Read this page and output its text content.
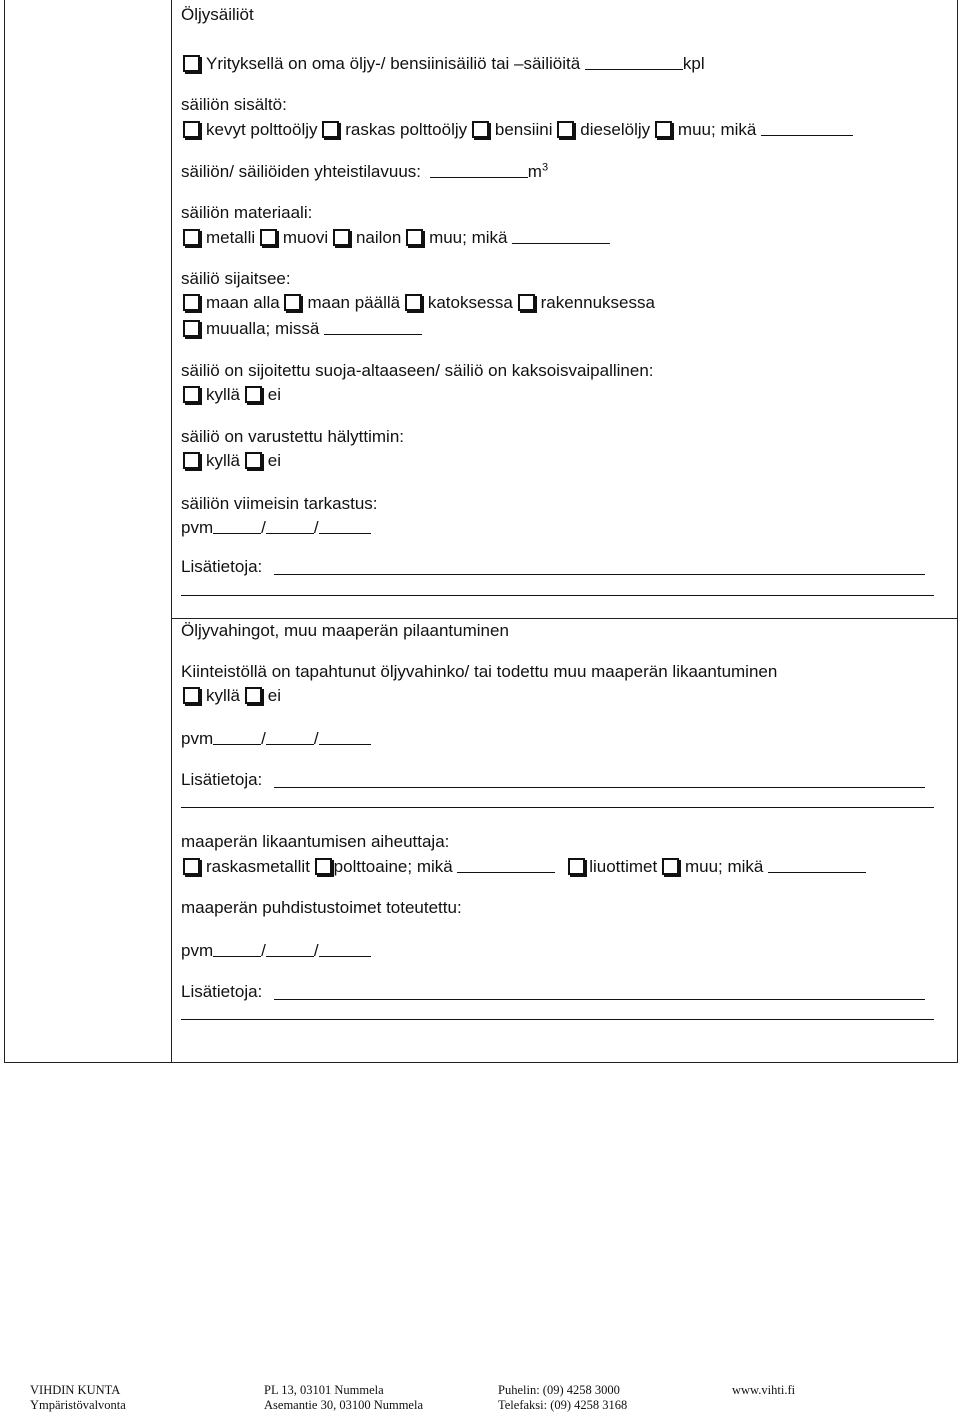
Öljysäiliöt
Yrityksellä on oma öljy-/ bensiinisäiliö tai –säiliöitä	kpl
säiliön sisältö:
kevyt polttoöljy raskas polttoöljy bensiini dieselöljy muu; mikä
säiliön/ säiliöiden yhteistilavuus:	$m^3$
säiliön materiaali:
metalli muovi nailon muu; mikä
säiliö sijaitsee:
maan alla maan päällä katoksessa rakennuksessa
muualla; missä
säiliö on sijoitettu suoja-altaaseen/ säiliö on kaksoisvaipallinen:
kyllä ei
säiliö on varustettu hälyttimin:
kyllä ei
säiliön viimeisin tarkastus:
pvm	/	/
Lisätietoja:
Öljyvahingot, muu maaperän pilaantuminen
Kiinteistöllä on tapahtunut öljyvahinko/ tai todettu muu maaperän likaantuminen
kyllä ei
pvm	/	/
Lisätietoja:
maaperän likaantumisen aiheuttaja:
raskasmetallit polttoaine; mikä	liuottimet muu; mikä
maaperän puhdistustoimet toteutettu:
pvm	/	/
Lisätietoja:
VIHDIN KUNTA
Ympäristövalvonta
PL 13, 03101 Nummela
Asemantie 30, 03100 Nummela
Puhelin: (09) 4258 3000
Telefaksi: (09) 4258 3168
www.vihti.fi
